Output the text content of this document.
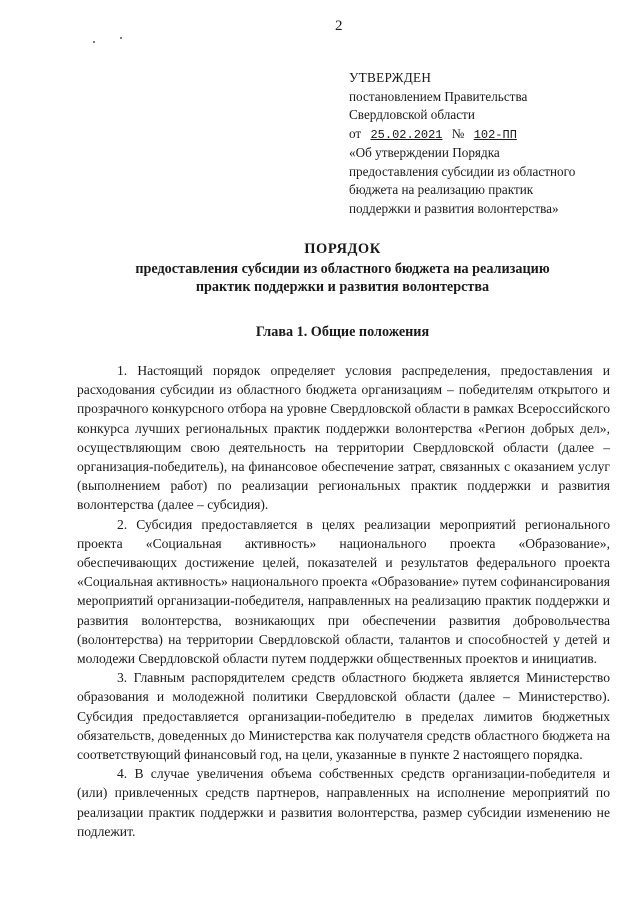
2
УТВЕРЖДЕН
постановлением Правительства
Свердловской области
от 25.02.2021 № 102-ПП
«Об утверждении Порядка
предоставления субсидии из областного
бюджета на реализацию практик
поддержки и развития волонтерства»
ПОРЯДОК
предоставления субсидии из областного бюджета на реализацию
практик поддержки и развития волонтерства
Глава 1. Общие положения

1. Настоящий порядок определяет условия распределения, предоставления и расходования субсидии из областного бюджета организациям – победителям открытого и прозрачного конкурсного отбора на уровне Свердловской области в рамках Всероссийского конкурса лучших региональных практик поддержки волонтерства «Регион добрых дел», осуществляющим свою деятельность на территории Свердловской области (далее – организация-победитель), на финансовое обеспечение затрат, связанных с оказанием услуг (выполнением работ) по реализации региональных практик поддержки и развития волонтерства (далее – субсидия).

2. Субсидия предоставляется в целях реализации мероприятий регионального проекта «Социальная активность» национального проекта «Образование», обеспечивающих достижение целей, показателей и результатов федерального проекта «Социальная активность» национального проекта «Образование» путем софинансирования мероприятий организации-победителя, направленных на реализацию практик поддержки и развития волонтерства, возникающих при обеспечении развития добровольчества (волонтерства) на территории Свердловской области, талантов и способностей у детей и молодежи Свердловской области путем поддержки общественных проектов и инициатив.

3. Главным распорядителем средств областного бюджета является Министерство образования и молодежной политики Свердловской области (далее – Министерство). Субсидия предоставляется организации-победителю в пределах лимитов бюджетных обязательств, доведенных до Министерства как получателя средств областного бюджета на соответствующий финансовый год, на цели, указанные в пункте 2 настоящего порядка.

4. В случае увеличения объема собственных средств организации-победителя и (или) привлеченных средств партнеров, направленных на исполнение мероприятий по реализации практик поддержки и развития волонтерства, размер субсидии изменению не подлежит.
